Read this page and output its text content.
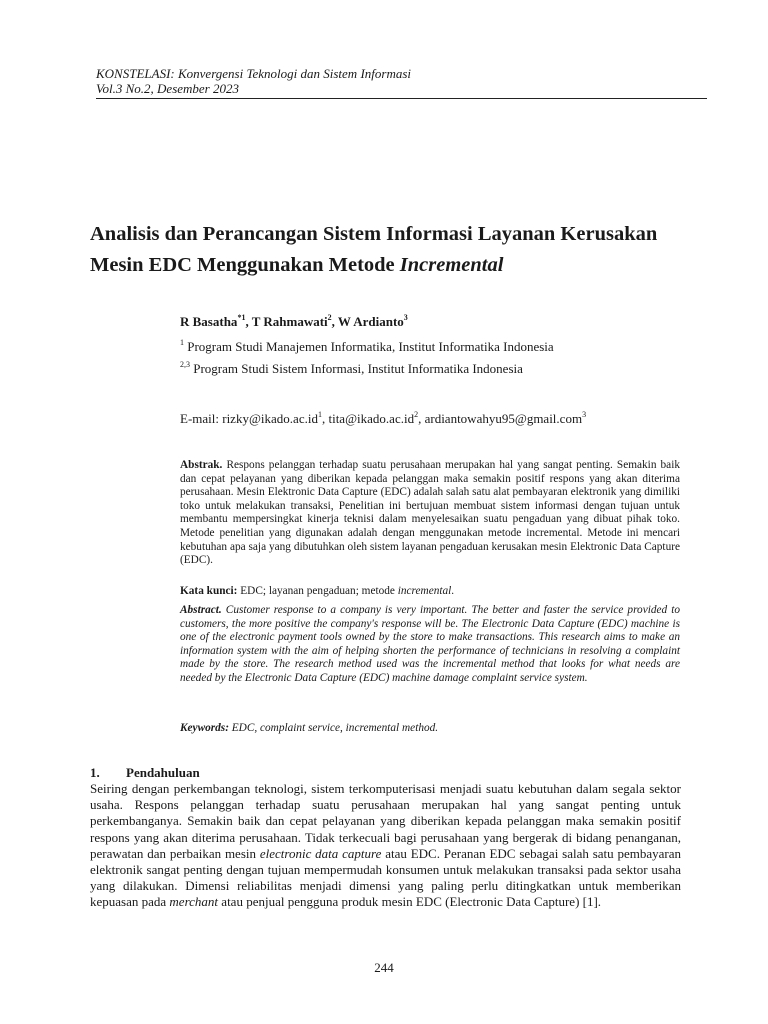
KONSTELASI: Konvergensi Teknologi dan Sistem Informasi
Vol.3 No.2, Desember 2023
Analisis dan Perancangan Sistem Informasi Layanan Kerusakan Mesin EDC Menggunakan Metode Incremental
R Basatha$^{*1}$, T Rahmawati$^2$, W Ardianto$^3$
$^1$ Program Studi Manajemen Informatika, Institut Informatika Indonesia
$^{2,3}$ Program Studi Sistem Informasi, Institut Informatika Indonesia
E-mail: $rizky@ikado.ac.id^1$, $tita@ikado.ac.id^2$, ardiantowahyu95@gmail.com$^3$
Abstrak. Respons pelanggan terhadap suatu perusahaan merupakan hal yang sangat penting. Semakin baik dan cepat pelayanan yang diberikan kepada pelanggan maka semakin positif respons yang akan diterima perusahaan. Mesin Elektronic Data Capture (EDC) adalah salah satu alat pembayaran elektronik yang dimiliki toko untuk melakukan transaksi, Penelitian ini bertujuan membuat sistem informasi dengan tujuan untuk membantu mempersingkat kinerja teknisi dalam menyelesaikan suatu pengaduan yang dibuat pihak toko. Metode penelitian yang digunakan adalah dengan menggunakan metode incremental. Metode ini mencari kebutuhan apa saja yang dibutuhkan oleh sistem layanan pengaduan kerusakan mesin Elektronic Data Capture (EDC).
Kata kunci: EDC; layanan pengaduan; metode incremental.
Abstract. Customer response to a company is very important. The better and faster the service provided to customers, the more positive the company's response will be. The Electronic Data Capture (EDC) machine is one of the electronic payment tools owned by the store to make transactions. This research aims to make an information system with the aim of helping shorten the performance of technicians in resolving a complaint made by the store. The research method used was the incremental method that looks for what needs are needed by the Electronic Data Capture (EDC) machine damage complaint service system.
Keywords: EDC, complaint service, incremental method.
1. Pendahuluan
Seiring dengan perkembangan teknologi, sistem terkomputerisasi menjadi suatu kebutuhan dalam segala sektor usaha. Respons pelanggan terhadap suatu perusahaan merupakan hal yang sangat penting untuk perkembanganya. Semakin baik dan cepat pelayanan yang diberikan kepada pelanggan maka semakin positif respons yang akan diterima perusahaan. Tidak terkecuali bagi perusahaan yang bergerak di bidang penanganan, perawatan dan perbaikan mesin electronic data capture atau EDC. Peranan EDC sebagai salah satu pembayaran elektronik sangat penting dengan tujuan mempermudah konsumen untuk melakukan transaksi pada sektor usaha yang dilakukan. Dimensi reliabilitas menjadi dimensi yang paling perlu ditingkatkan untuk memberikan kepuasan pada merchant atau penjual pengguna produk mesin EDC (Electronic Data Capture) [1].
244
